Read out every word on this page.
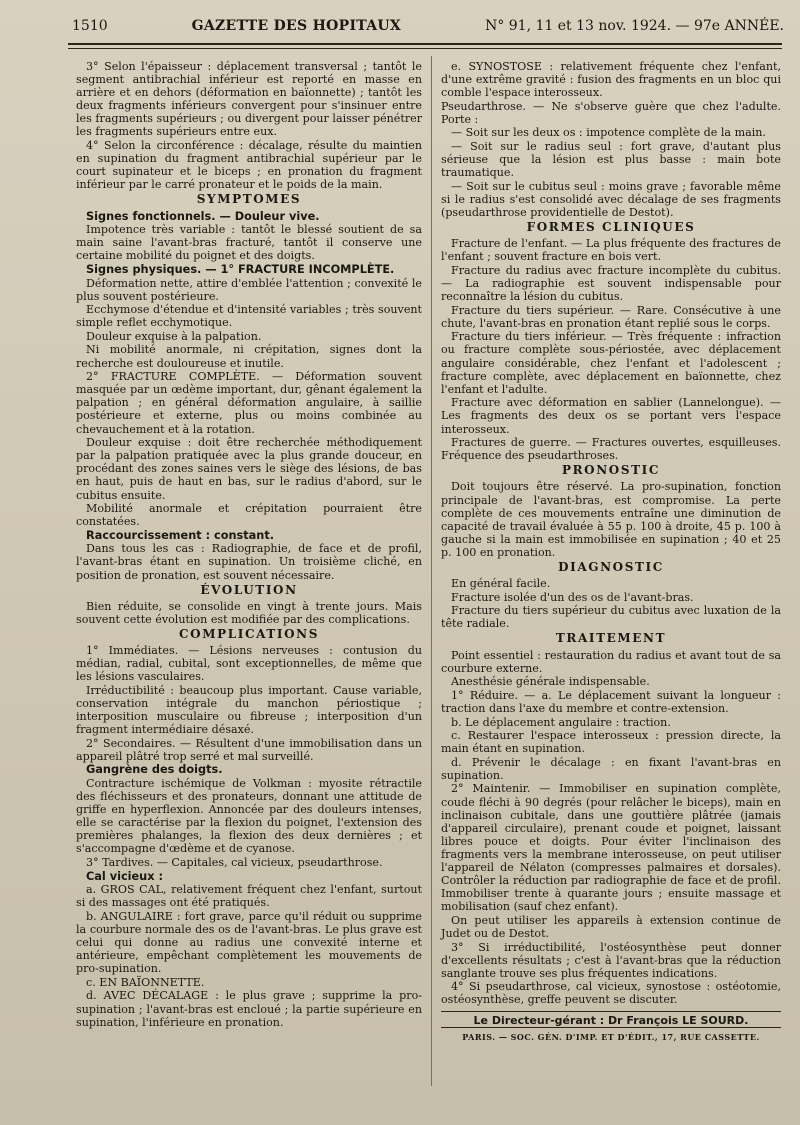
1510	GAZETTE DES HOPITAUX	N° 91, 11 et 13 nov. 1924. — 97e ANNÉE.

3° Selon l'épaisseur : déplacement transversal ; tantôt le segment antibrachial inférieur est reporté en masse en arrière et en dehors (déformation en baïonnette) ; tantôt les deux fragments inférieurs convergent pour s'insinuer entre les fragments supérieurs ; ou divergent pour laisser pénétrer les fragments supérieurs entre eux.

4° Selon la circonférence : décalage, résulte du maintien en supination du fragment antibrachial supérieur par le court supinateur et le biceps ; en pronation du fragment inférieur par le carré pronateur et le poids de la main.

SYMPTOMES

Signes fonctionnels. — Douleur vive.

Impotence très variable : tantôt le blessé soutient de sa main saine l'avant-bras fracturé, tantôt il conserve une certaine mobilité du poignet et des doigts.

Signes physiques. — 1° FRACTURE INCOMPLÈTE.

Déformation nette, attire d'emblée l'attention ; convexité le plus souvent postérieure.

Ecchymose d'étendue et d'intensité variables ; très souvent simple reflet ecchymotique.

Douleur exquise à la palpation.

Ni mobilité anormale, ni crépitation, signes dont la recherche est douloureuse et inutile.

2° FRACTURE COMPLÈTE. — Déformation souvent masquée par un œdème important, dur, gênant également la palpation ; en général déformation angulaire, à saillie postérieure et externe, plus ou moins combinée au chevauchement et à la rotation.

Douleur exquise : doit être recherchée méthodiquement par la palpation pratiquée avec la plus grande douceur, en procédant des zones saines vers le siège des lésions, de bas en haut, puis de haut en bas, sur le radius d'abord, sur le cubitus ensuite.

Mobilité anormale et crépitation pourraient être constatées.

Raccourcissement : constant.

Dans tous les cas : Radiographie, de face et de profil, l'avant-bras étant en supination. Un troisième cliché, en position de pronation, est souvent nécessaire.

ÉVOLUTION

Bien réduite, se consolide en vingt à trente jours. Mais souvent cette évolution est modifiée par des complications.

COMPLICATIONS

1° Immédiates. — Lésions nerveuses : contusion du médian, radial, cubital, sont exceptionnelles, de même que les lésions vasculaires.

Irréductibilité : beaucoup plus important. Cause variable, conservation intégrale du manchon périostique ; interposition musculaire ou fibreuse ; interposition d'un fragment intermédiaire désaxé.

2° Secondaires. — Résultent d'une immobilisation dans un appareil plâtré trop serré et mal surveillé.

Gangrène des doigts.

Contracture ischémique de Volkman : myosite rétractile des fléchisseurs et des pronateurs, donnant une attitude de griffe en hyperflexion. Annoncée par des douleurs intenses, elle se caractérise par la flexion du poignet, l'extension des premières phalanges, la flexion des deux dernières ; et s'accompagne d'œdème et de cyanose.

3° Tardives. — Capitales, cal vicieux, pseudarthrose.

Cal vicieux :

a. GROS CAL, relativement fréquent chez l'enfant, surtout si des massages ont été pratiqués.

b. ANGULAIRE : fort grave, parce qu'il réduit ou supprime la courbure normale des os de l'avant-bras. Le plus grave est celui qui donne au radius une convexité interne et antérieure, empêchant complètement les mouvements de pro-supination.

c. EN BAÏONNETTE.

d. AVEC DÉCALAGE : le plus grave ; supprime la pro-supination ; l'avant-bras est encloué ; la partie supérieure en supination, l'inférieure en pronation.

e. SYNOSTOSE : relativement fréquente chez l'enfant, d'une extrême gravité : fusion des fragments en un bloc qui comble l'espace interosseux.

Pseudarthrose. — Ne s'observe guère que chez l'adulte. Porte :

— Soit sur les deux os : impotence complète de la main.

— Soit sur le radius seul : fort grave, d'autant plus sérieuse que la lésion est plus basse : main bote traumatique.

— Soit sur le cubitus seul : moins grave ; favorable même si le radius s'est consolidé avec décalage de ses fragments (pseudarthrose providentielle de Destot).

FORMES CLINIQUES

Fracture de l'enfant. — La plus fréquente des fractures de l'enfant ; souvent fracture en bois vert.

Fracture du radius avec fracture incomplète du cubitus. — La radiographie est souvent indispensable pour reconnaître la lésion du cubitus.

Fracture du tiers supérieur. — Rare. Consécutive à une chute, l'avant-bras en pronation étant replié sous le corps.

Fracture du tiers inférieur. — Très fréquente : infraction ou fracture complète sous-périostée, avec déplacement angulaire considérable, chez l'enfant et l'adolescent ; fracture complète, avec déplacement en baïonnette, chez l'enfant et l'adulte.

Fracture avec déformation en sablier (Lannelongue). — Les fragments des deux os se portant vers l'espace interosseux.

Fractures de guerre. — Fractures ouvertes, esquilleuses. Fréquence des pseudarthroses.

PRONOSTIC

Doit toujours être réservé. La pro-supination, fonction principale de l'avant-bras, est compromise. La perte complète de ces mouvements entraîne une diminution de capacité de travail évaluée à 55 p. 100 à droite, 45 p. 100 à gauche si la main est immobilisée en supination ; 40 et 25 p. 100 en pronation.

DIAGNOSTIC

En général facile.

Fracture isolée d'un des os de l'avant-bras.

Fracture du tiers supérieur du cubitus avec luxation de la tête radiale.

TRAITEMENT

Point essentiel : restauration du radius et avant tout de sa courbure externe.

Anesthésie générale indispensable.

1° Réduire. — a. Le déplacement suivant la longueur : traction dans l'axe du membre et contre-extension.

b. Le déplacement angulaire : traction.

c. Restaurer l'espace interosseux : pression directe, la main étant en supination.

d. Prévenir le décalage : en fixant l'avant-bras en supination.

2° Maintenir. — Immobiliser en supination complète, coude fléchi à 90 degrés (pour relâcher le biceps), main en inclinaison cubitale, dans une gouttière plâtrée (jamais d'appareil circulaire), prenant coude et poignet, laissant libres pouce et doigts. Pour éviter l'inclinaison des fragments vers la membrane interosseuse, on peut utiliser l'appareil de Nélaton (compresses palmaires et dorsales). Contrôler la réduction par radiographie de face et de profil. Immobiliser trente à quarante jours ; ensuite massage et mobilisation (sauf chez enfant).

On peut utiliser les appareils à extension continue de Judet ou de Destot.

3° Si irréductibilité, l'ostéosynthèse peut donner d'excellents résultats ; c'est à l'avant-bras que la réduction sanglante trouve ses plus fréquentes indications.

4° Si pseudarthrose, cal vicieux, synostose : ostéotomie, ostéosynthèse, greffe peuvent se discuter.

Le Directeur-gérant : Dr François LE SOURD.
PARIS. — SOC. GÉN. D'IMP. ET D'ÉDIT., 17, RUE CASSETTE.
